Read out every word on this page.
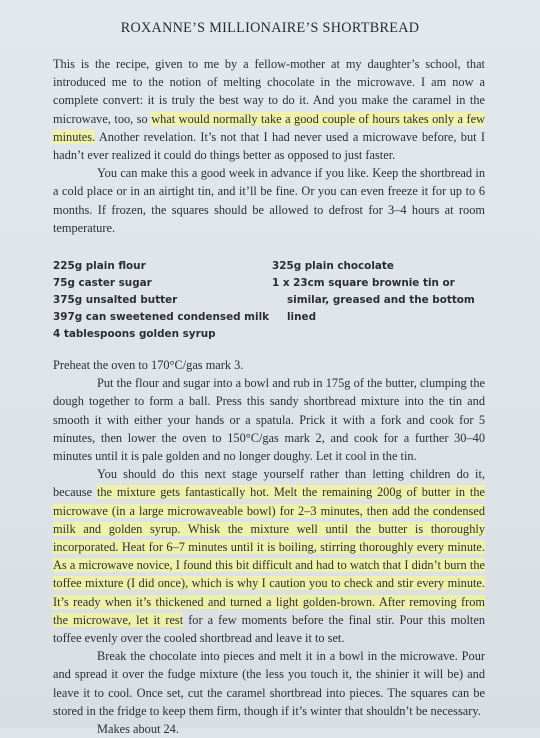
ROXANNE’S MILLIONAIRE’S SHORTBREAD

This is the recipe, given to me by a fellow-mother at my daughter’s school, that introduced me to the notion of melting chocolate in the microwave. I am now a complete convert: it is truly the best way to do it. And you make the caramel in the microwave, too, so what would normally take a good couple of hours takes only a few minutes. Another revelation. It’s not that I had never used a microwave before, but I hadn’t ever realized it could do things better as opposed to just faster.

You can make this a good week in advance if you like. Keep the shortbread in a cold place or in an airtight tin, and it’ll be fine. Or you can even freeze it for up to 6 months. If frozen, the squares should be allowed to defrost for 3–4 hours at room temperature.

225g plain flour
75g caster sugar
375g unsalted butter
397g can sweetened condensed milk
4 tablespoons golden syrup
325g plain chocolate
1 x 23cm square brownie tin or
similar, greased and the bottom
lined

Preheat the oven to 170°C/gas mark 3.

Put the flour and sugar into a bowl and rub in 175g of the butter, clumping the dough together to form a ball. Press this sandy shortbread mixture into the tin and smooth it with either your hands or a spatula. Prick it with a fork and cook for 5 minutes, then lower the oven to 150°C/gas mark 2, and cook for a further 30–40 minutes until it is pale golden and no longer doughy. Let it cool in the tin.

You should do this next stage yourself rather than letting children do it, because the mixture gets fantastically hot. Melt the remaining 200g of butter in the microwave (in a large microwaveable bowl) for 2–3 minutes, then add the condensed milk and golden syrup. Whisk the mixture well until the butter is thoroughly incorporated. Heat for 6–7 minutes until it is boiling, stirring thoroughly every minute. As a microwave novice, I found this bit difficult and had to watch that I didn’t burn the toffee mixture (I did once), which is why I caution you to check and stir every minute. It’s ready when it’s thickened and turned a light golden-brown. After removing from the microwave, let it rest for a few moments before the final stir. Pour this molten toffee evenly over the cooled shortbread and leave it to set.

Break the chocolate into pieces and melt it in a bowl in the microwave. Pour and spread it over the fudge mixture (the less you touch it, the shinier it will be) and leave it to cool. Once set, cut the caramel shortbread into pieces. The squares can be stored in the fridge to keep them firm, though if it’s winter that shouldn’t be necessary.

Makes about 24.
